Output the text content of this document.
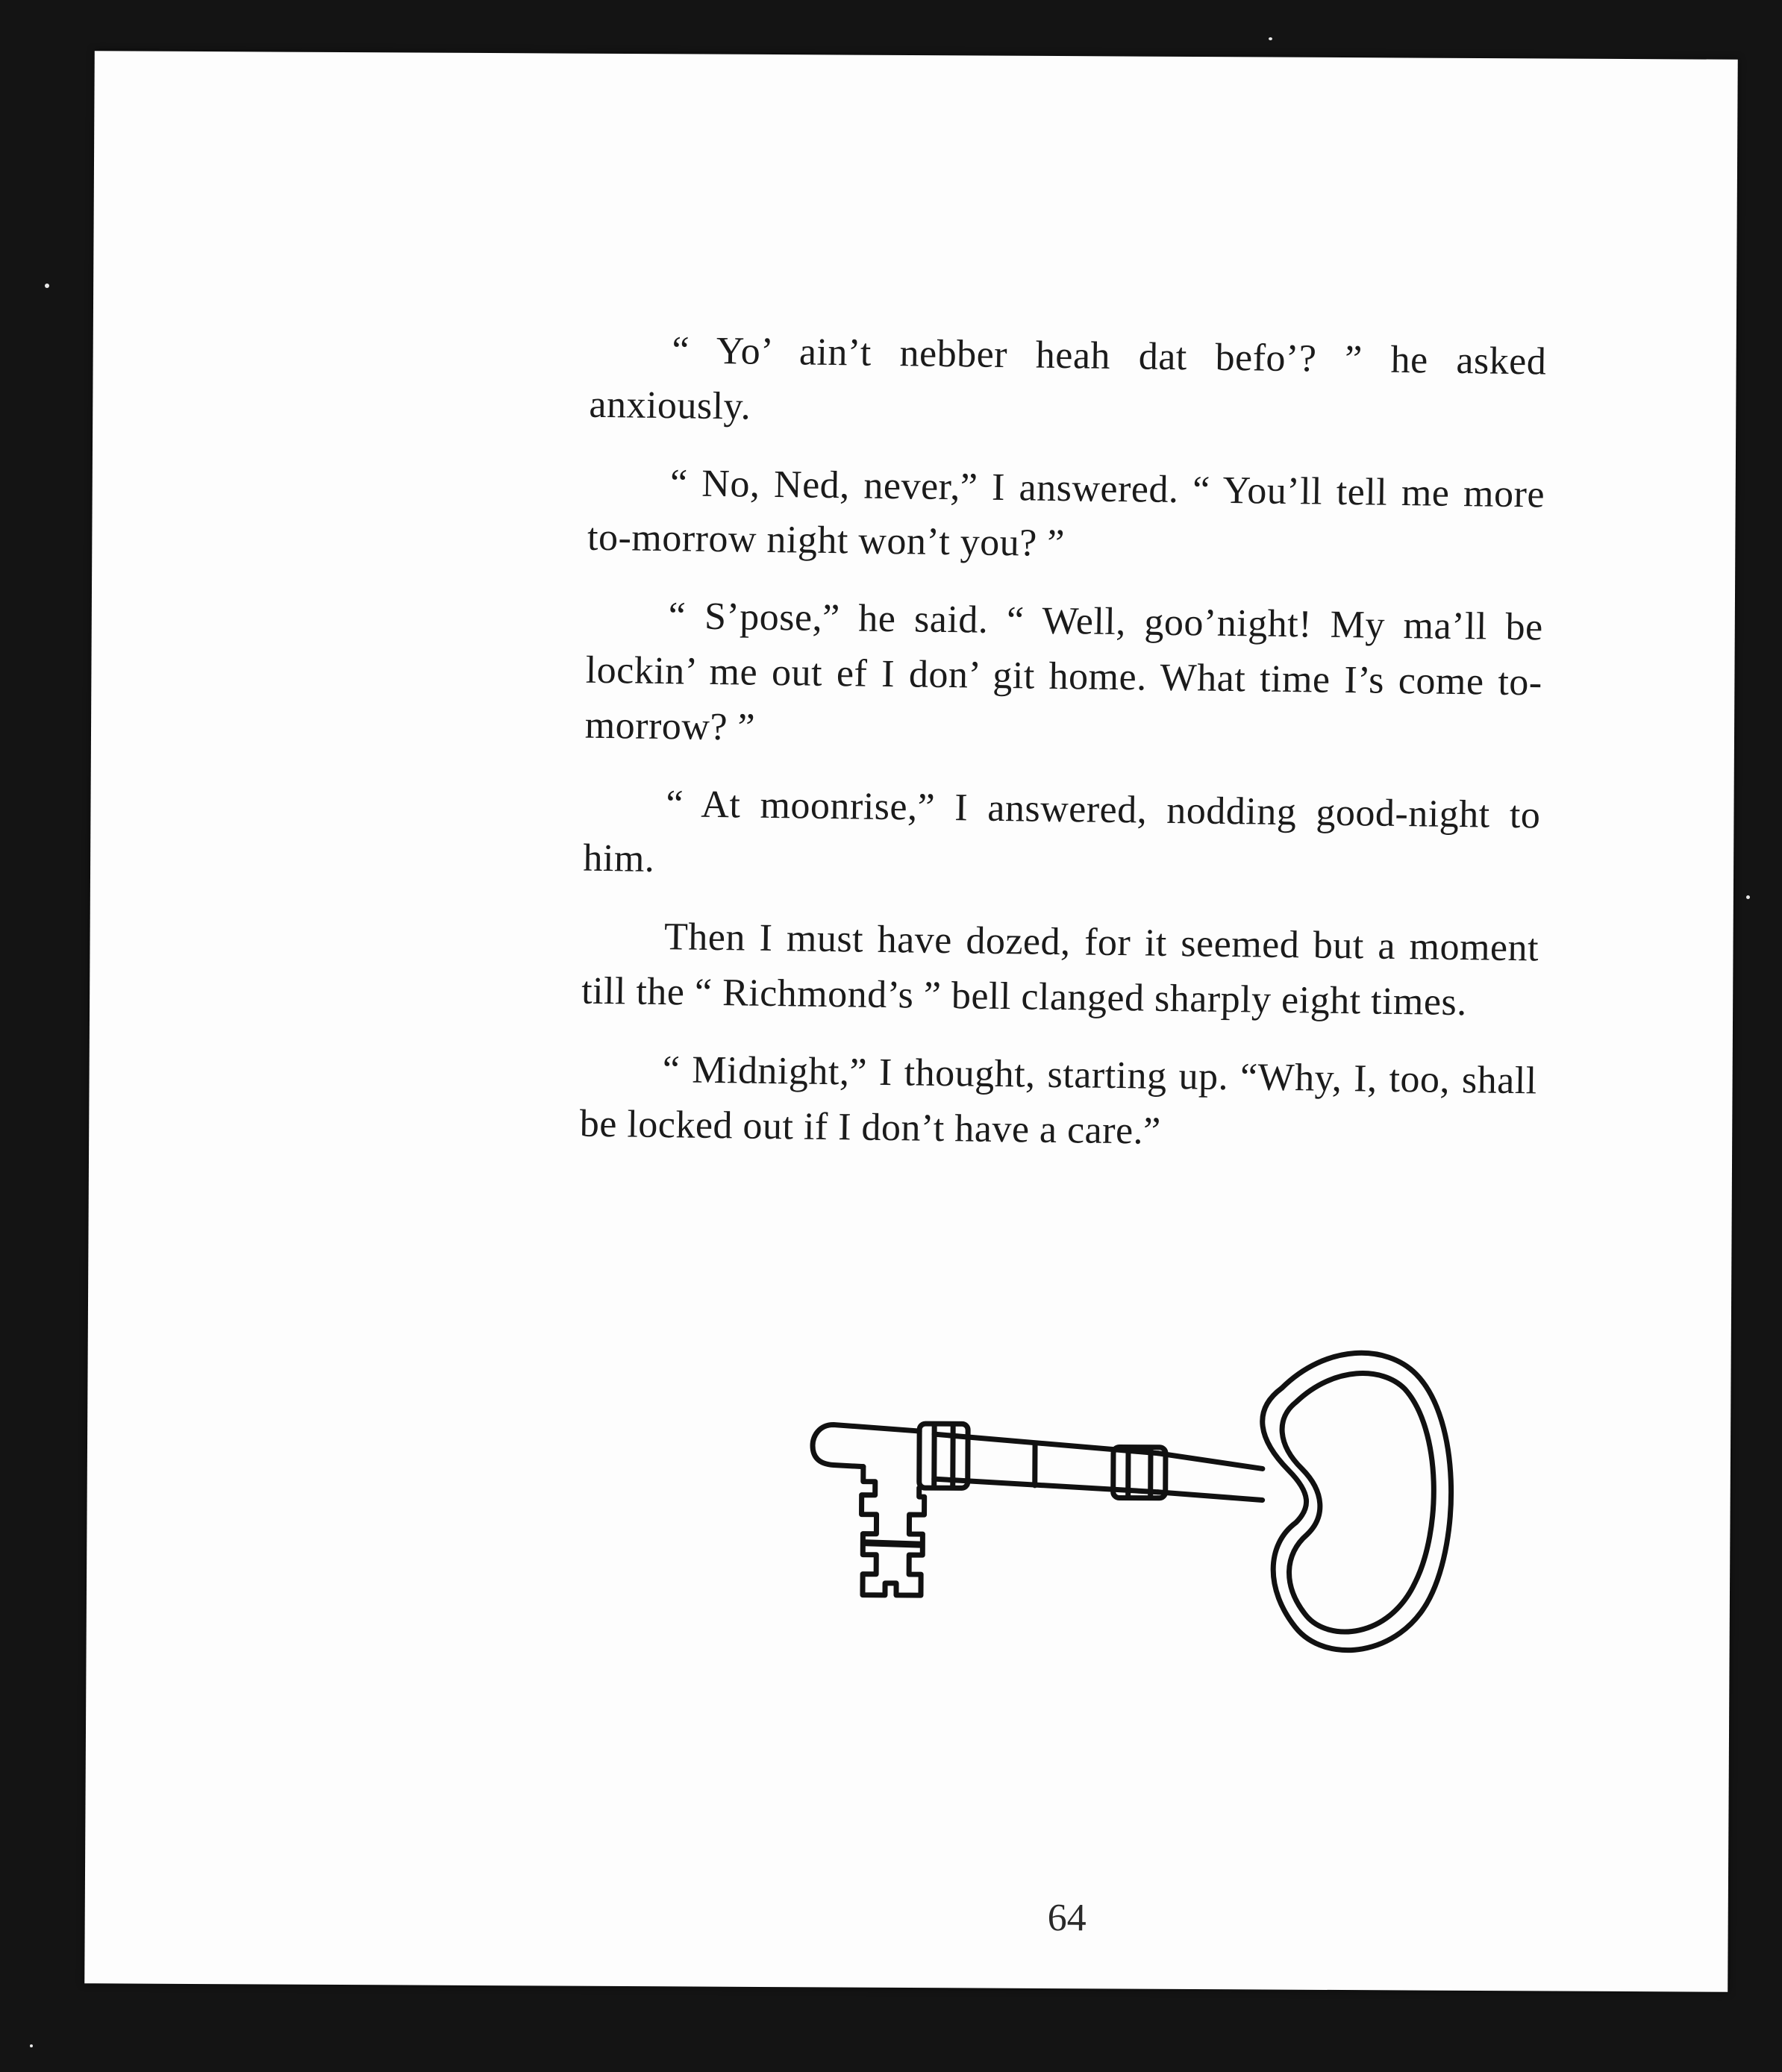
“ Yo’ ain’t nebber heah dat befo’? ” he asked anxiously.

“ No, Ned, never,” I answered. “ You’ll tell me more to-morrow night won’t you? ”

“ S’pose,” he said. “ Well, goo’night! My ma’ll be lockin’ me out ef I don’ git home. What time I’s come to-morrow? ”

“ At moonrise,” I answered, nodding good-night to him.

Then I must have dozed, for it seemed but a moment till the “ Richmond’s ” bell clanged sharply eight times.

“ Midnight,” I thought, starting up. “Why, I, too, shall be locked out if I don’t have a care.”

64
